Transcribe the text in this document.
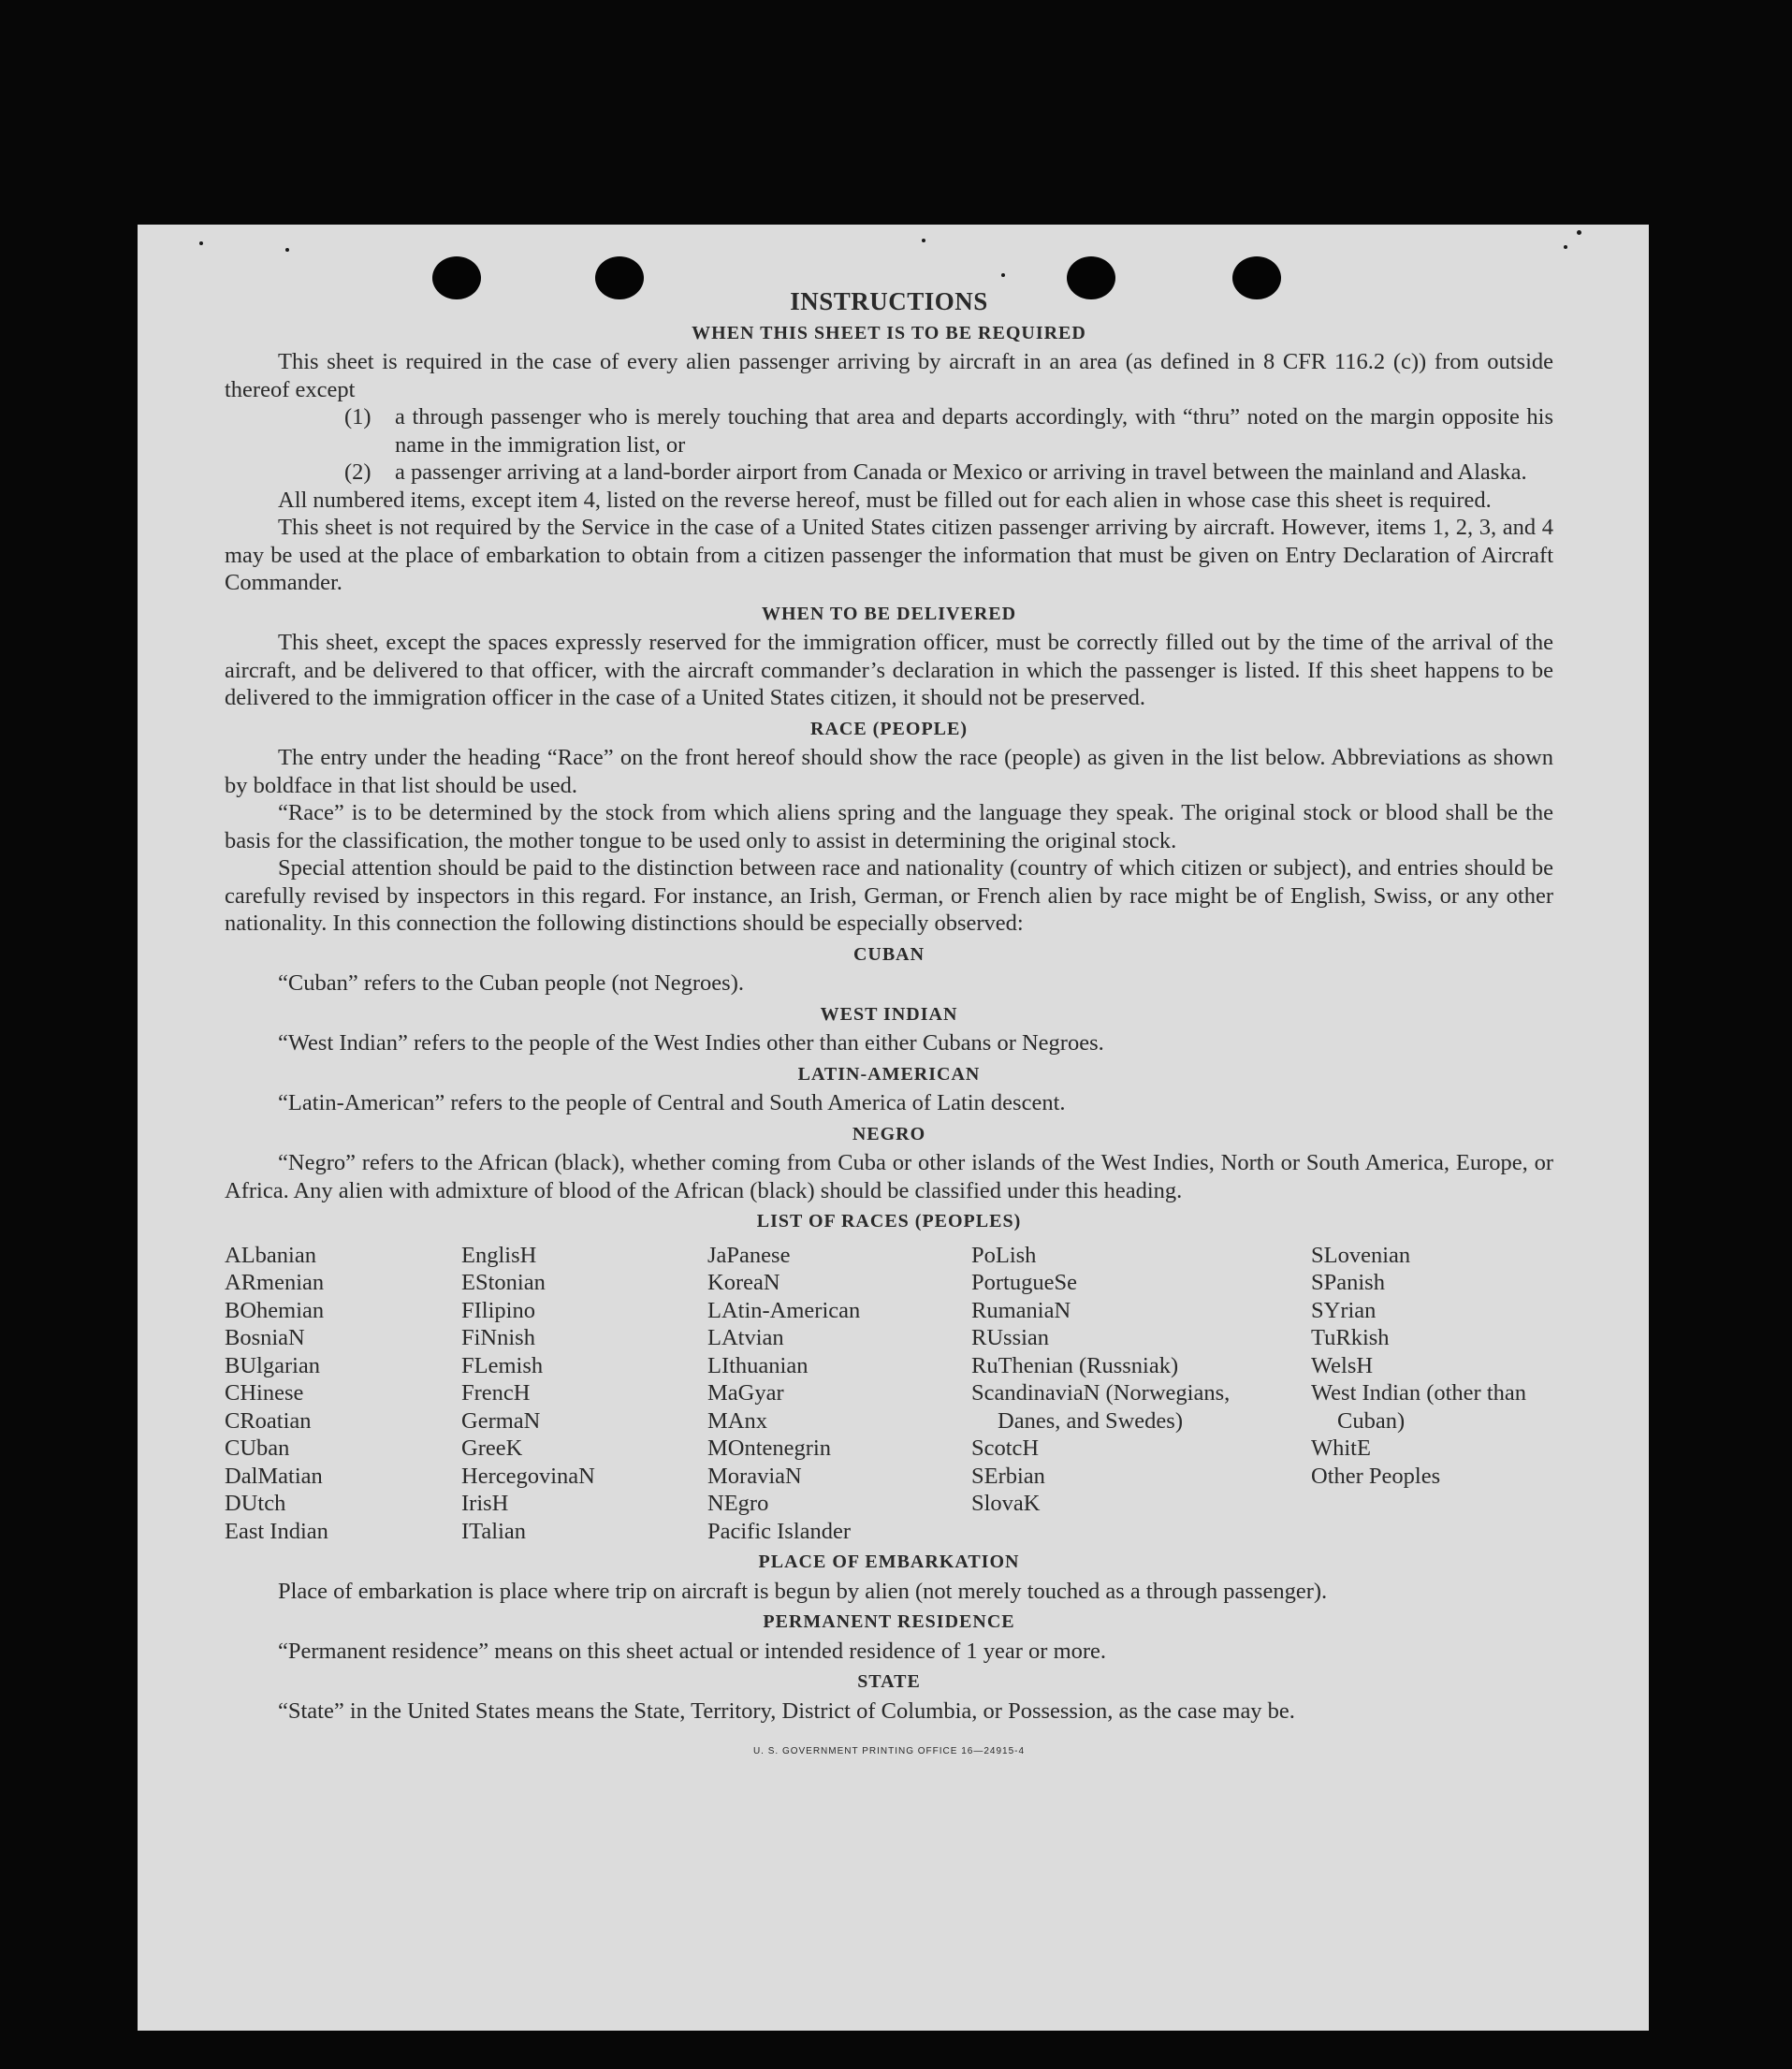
INSTRUCTIONS
WHEN THIS SHEET IS TO BE REQUIRED

This sheet is required in the case of every alien passenger arriving by aircraft in an area (as defined in 8 CFR 116.2 (c)) from outside thereof except

(1)	a through passenger who is merely touching that area and departs accordingly, with “thru” noted on the margin opposite his name in the immigration list, or
(2)	a passenger arriving at a land-border airport from Canada or Mexico or arriving in travel between the mainland and Alaska.

All numbered items, except item 4, listed on the reverse hereof, must be filled out for each alien in whose case this sheet is required.

This sheet is not required by the Service in the case of a United States citizen passenger arriving by aircraft. However, items 1, 2, 3, and 4 may be used at the place of embarkation to obtain from a citizen passenger the information that must be given on Entry Declaration of Aircraft Commander.

WHEN TO BE DELIVERED

This sheet, except the spaces expressly reserved for the immigration officer, must be correctly filled out by the time of the arrival of the aircraft, and be delivered to that officer, with the aircraft commander’s declaration in which the passenger is listed. If this sheet happens to be delivered to the immigration officer in the case of a United States citizen, it should not be preserved.

RACE (PEOPLE)

The entry under the heading “Race” on the front hereof should show the race (people) as given in the list below. Abbreviations as shown by boldface in that list should be used.

“Race” is to be determined by the stock from which aliens spring and the language they speak. The original stock or blood shall be the basis for the classification, the mother tongue to be used only to assist in determining the original stock.

Special attention should be paid to the distinction between race and nationality (country of which citizen or subject), and entries should be carefully revised by inspectors in this regard. For instance, an Irish, German, or French alien by race might be of English, Swiss, or any other nationality. In this connection the following distinctions should be especially observed:

CUBAN

“Cuban” refers to the Cuban people (not Negroes).

WEST INDIAN

“West Indian” refers to the people of the West Indies other than either Cubans or Negroes.

LATIN-AMERICAN

“Latin-American” refers to the people of Central and South America of Latin descent.

NEGRO

“Negro” refers to the African (black), whether coming from Cuba or other islands of the West Indies, North or South America, Europe, or Africa. Any alien with admixture of blood of the African (black) should be classified under this heading.

LIST OF RACES (PEOPLES)
ALbanian
ARmenian
BOhemian
BosniaN
BUlgarian
CHinese
CRoatian
CUban
DalMatian
DUtch
East Indian
EnglisH
EStonian
FIlipino
FiNnish
FLemish
FrencH
GermaN
GreeK
HercegovinaN
IrisH
ITalian
JaPanese
KoreaN
LAtin-American
LAtvian
LIthuanian
MaGyar
MAnx
MOntenegrin
MoraviaN
NEgro
Pacific Islander
PoLish
PortugueSe
RumaniaN
RUssian
RuThenian (Russniak)
ScandinaviaN (Norwegians, Danes, and Swedes)
ScotcH
SErbian
SlovaK
SLovenian
SPanish
SYrian
TuRkish
WelsH
West Indian (other than Cuban)
WhitE
Other Peoples
PLACE OF EMBARKATION

Place of embarkation is place where trip on aircraft is begun by alien (not merely touched as a through passenger).

PERMANENT RESIDENCE

“Permanent residence” means on this sheet actual or intended residence of 1 year or more.

STATE

“State” in the United States means the State, Territory, District of Columbia, or Possession, as the case may be.

U. S. GOVERNMENT PRINTING OFFICE 16—24915-4
